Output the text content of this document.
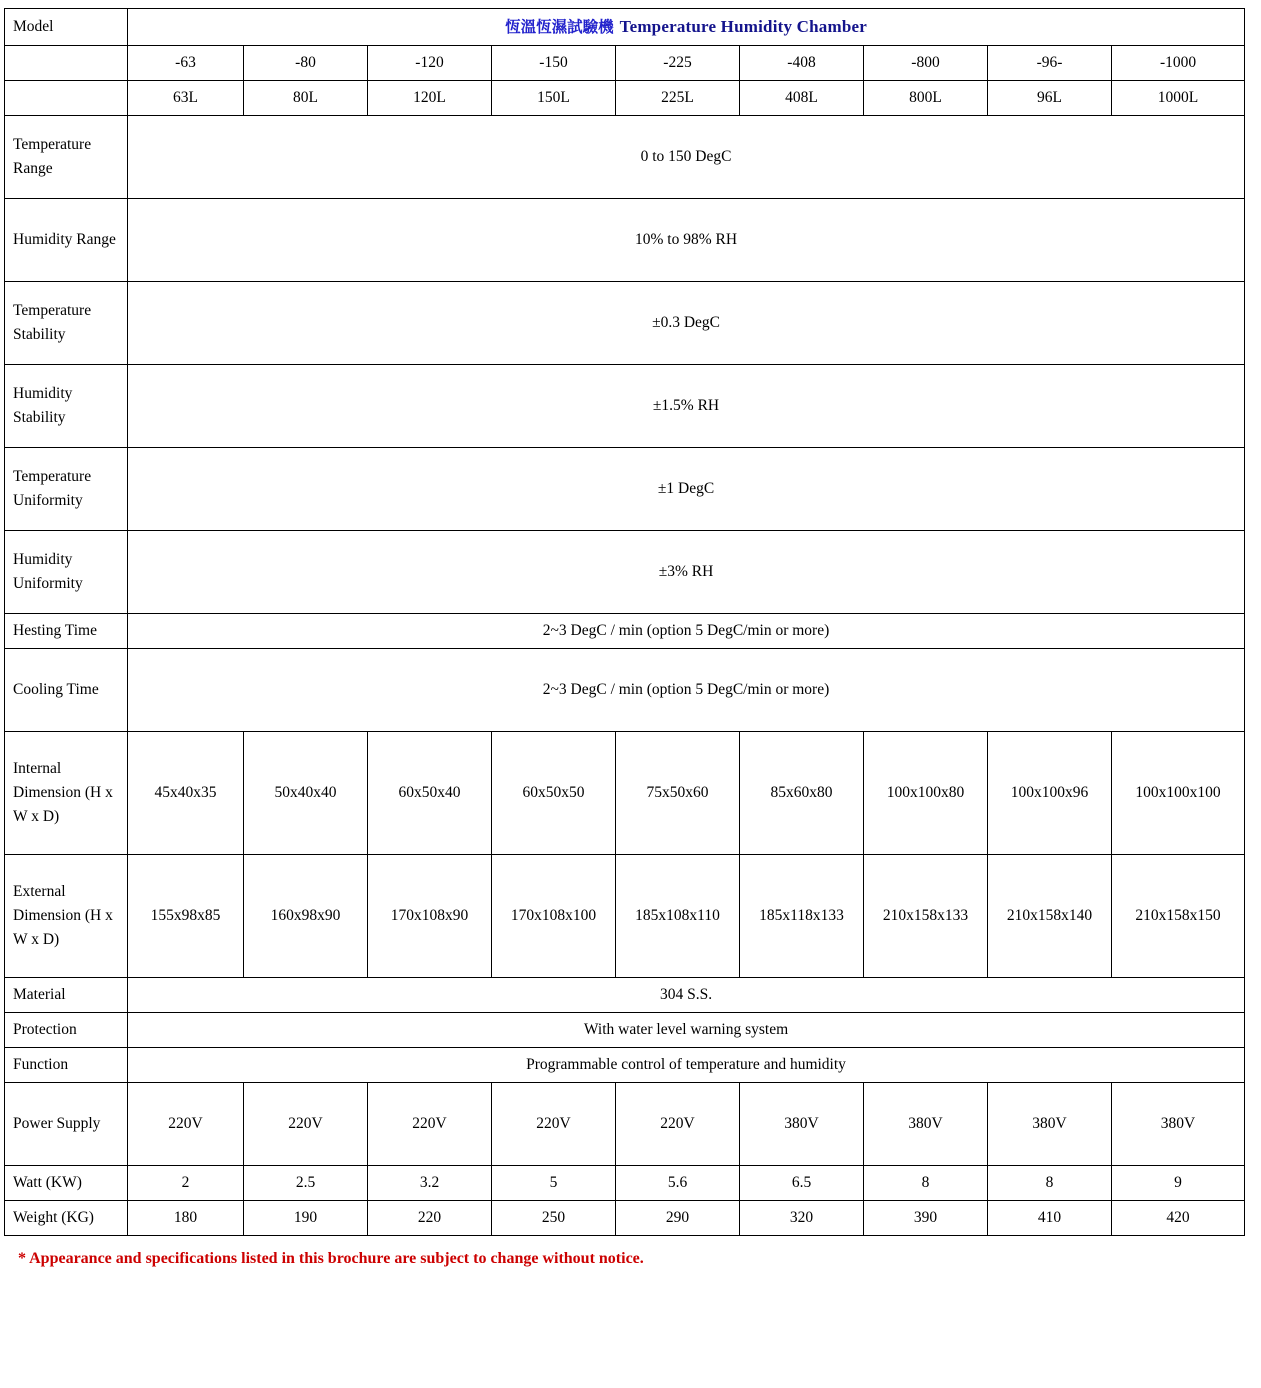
Model	恆溫恆濕試驗機 Temperature Humidity Chamber								
	-63	-80	-120	-150	-225	-408	-800	-96-	-1000
	63L	80L	120L	150L	225L	408L	800L	96L	1000L
Temperature Range	0 to 150 DegC								
Humidity Range	10% to 98% RH								
Temperature Stability	±0.3 DegC								
Humidity Stability	±1.5% RH								
Temperature Uniformity	±1 DegC								
Humidity Uniformity	±3% RH								
Hesting Time	2~3 DegC / min (option 5 DegC/min or more)								
Cooling Time	2~3 DegC / min (option 5 DegC/min or more)								
Internal Dimension (H x W x D)	45x40x35	50x40x40	60x50x40	60x50x50	75x50x60	85x60x80	100x100x80	100x100x96	100x100x100
External Dimension (H x W x D)	155x98x85	160x98x90	170x108x90	170x108x100	185x108x110	185x118x133	210x158x133	210x158x140	210x158x150
Material	304 S.S.								
Protection	With water level warning system								
Function	Programmable control of temperature and humidity								
Power Supply	220V	220V	220V	220V	220V	380V	380V	380V	380V
Watt (KW)	2	2.5	3.2	5	5.6	6.5	8	8	9
Weight (KG)	180	190	220	250	290	320	390	410	420
* Appearance and specifications listed in this brochure are subject to change without notice.
